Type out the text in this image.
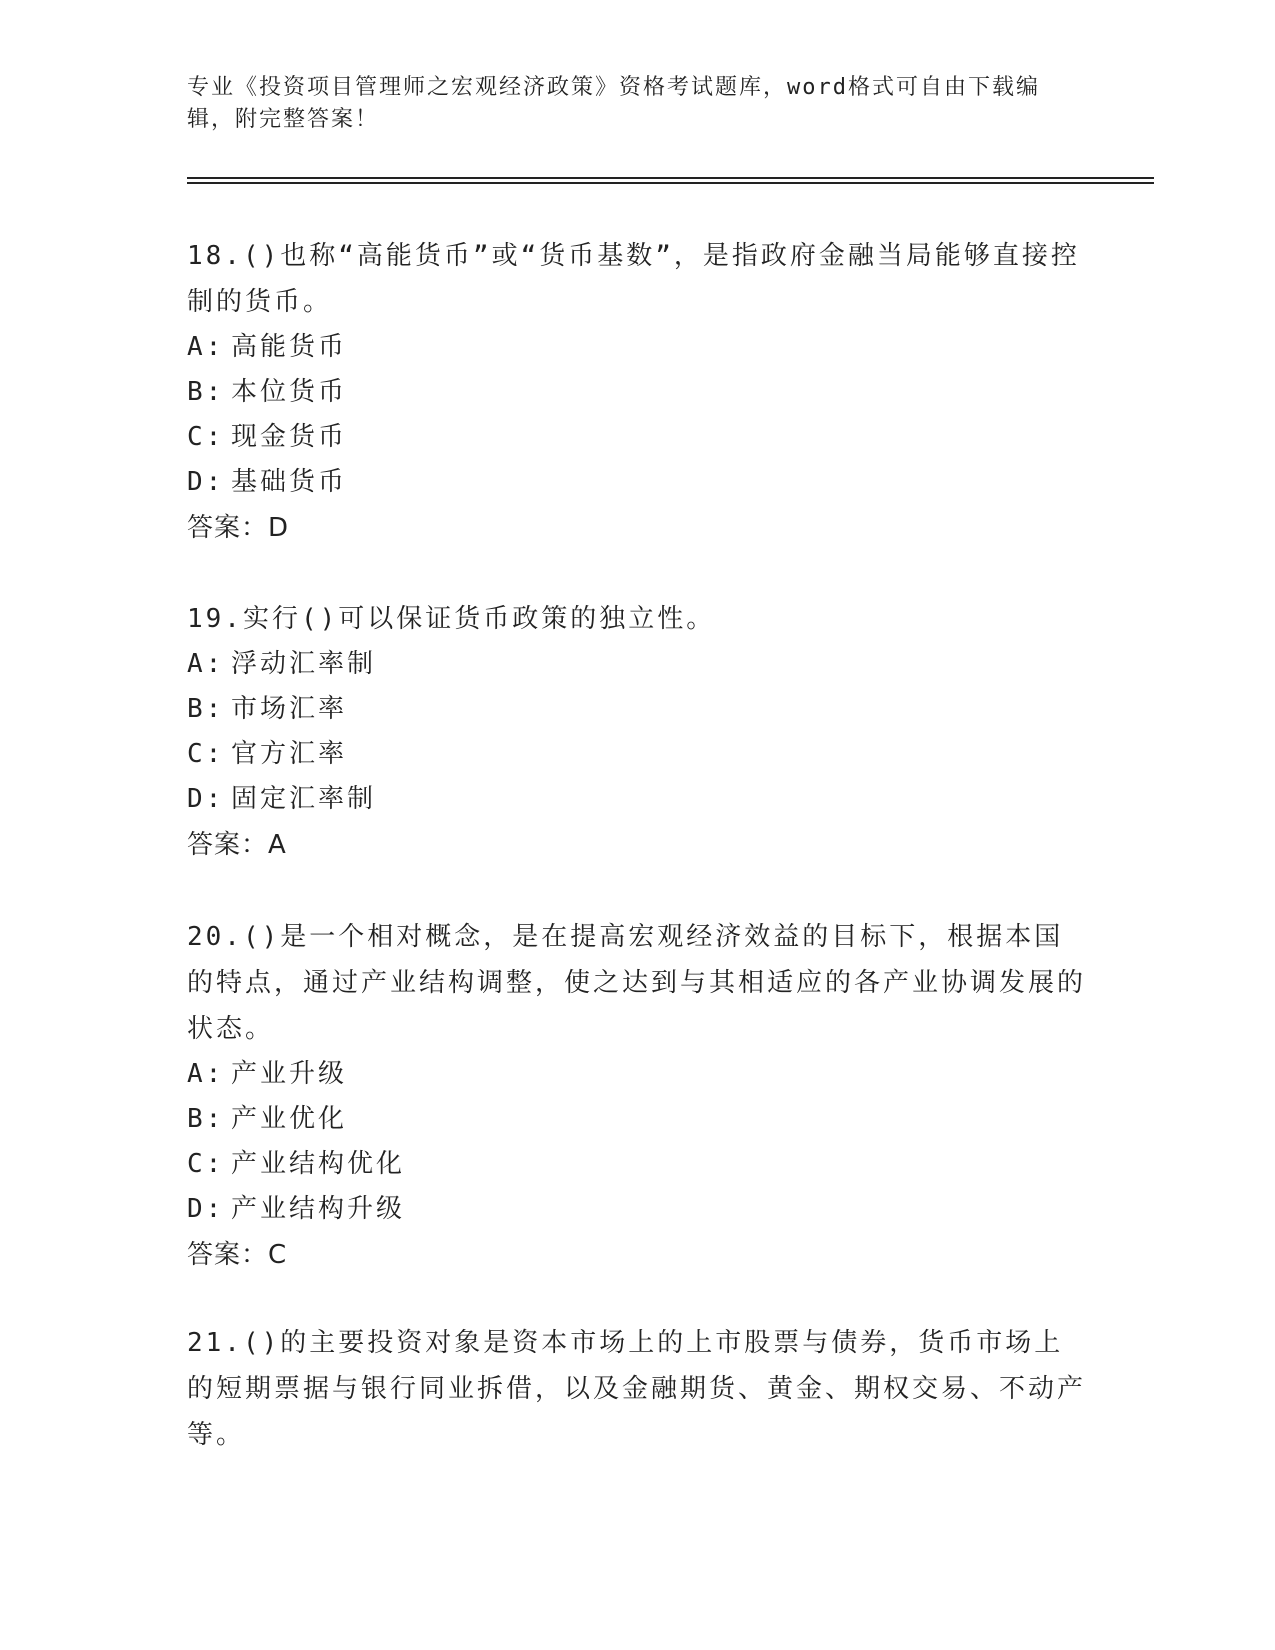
专业《投资项目管理师之宏观经济政策》资格考试题库，word格式可自由下载编辑，附完整答案！

18.()也称“高能货币”或“货币基数”，是指政府金融当局能够直接控制的货币。

A: 高能货币

B: 本位货币

C: 现金货币

D: 基础货币

答案：D

19.实行()可以保证货币政策的独立性。

A: 浮动汇率制

B: 市场汇率

C: 官方汇率

D: 固定汇率制

答案：A

20.()是一个相对概念，是在提高宏观经济效益的目标下，根据本国的特点，通过产业结构调整，使之达到与其相适应的各产业协调发展的状态。

A: 产业升级

B: 产业优化

C: 产业结构优化

D: 产业结构升级

答案：C

21.()的主要投资对象是资本市场上的上市股票与债券，货币市场上的短期票据与银行同业拆借，以及金融期货、黄金、期权交易、不动产等。
